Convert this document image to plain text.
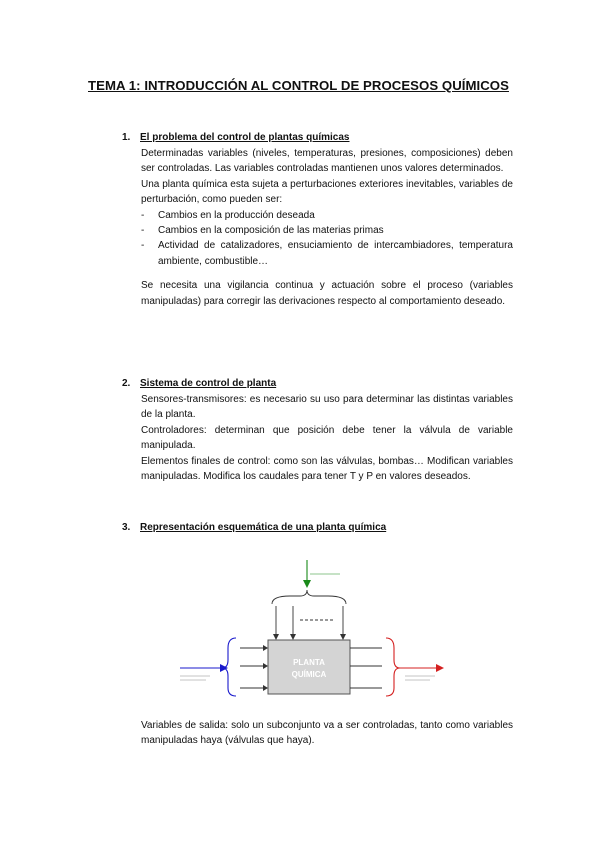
TEMA 1: INTRODUCCIÓN AL CONTROL DE PROCESOS QUÍMICOS
1. El problema del control de plantas químicas

Determinadas variables (niveles, temperaturas, presiones, composiciones) deben ser controladas. Las variables controladas mantienen unos valores determinados.

Una planta química esta sujeta a perturbaciones exteriores inevitables, variables de perturbación, como pueden ser:

- Cambios en la producción deseada
- Cambios en la composición de las materias primas
- Actividad de catalizadores, ensuciamiento de intercambiadores, temperatura ambiente, combustible…

Se necesita una vigilancia continua y actuación sobre el proceso (variables manipuladas) para corregir las derivaciones respecto al comportamiento deseado.

2. Sistema de control de planta

Sensores-transmisores: es necesario su uso para determinar las distintas variables de la planta.

Controladores: determinan que posición debe tener la válvula de variable manipulada.

Elementos finales de control: como son las válvulas, bombas… Modifican variables manipuladas. Modifica los caudales para tener T y P en valores deseados.

3. Representación esquemática de una planta química
PLANTA
QUÍMICA

Variables de salida: solo un subconjunto va a ser controladas, tanto como variables manipuladas haya (válvulas que haya).
